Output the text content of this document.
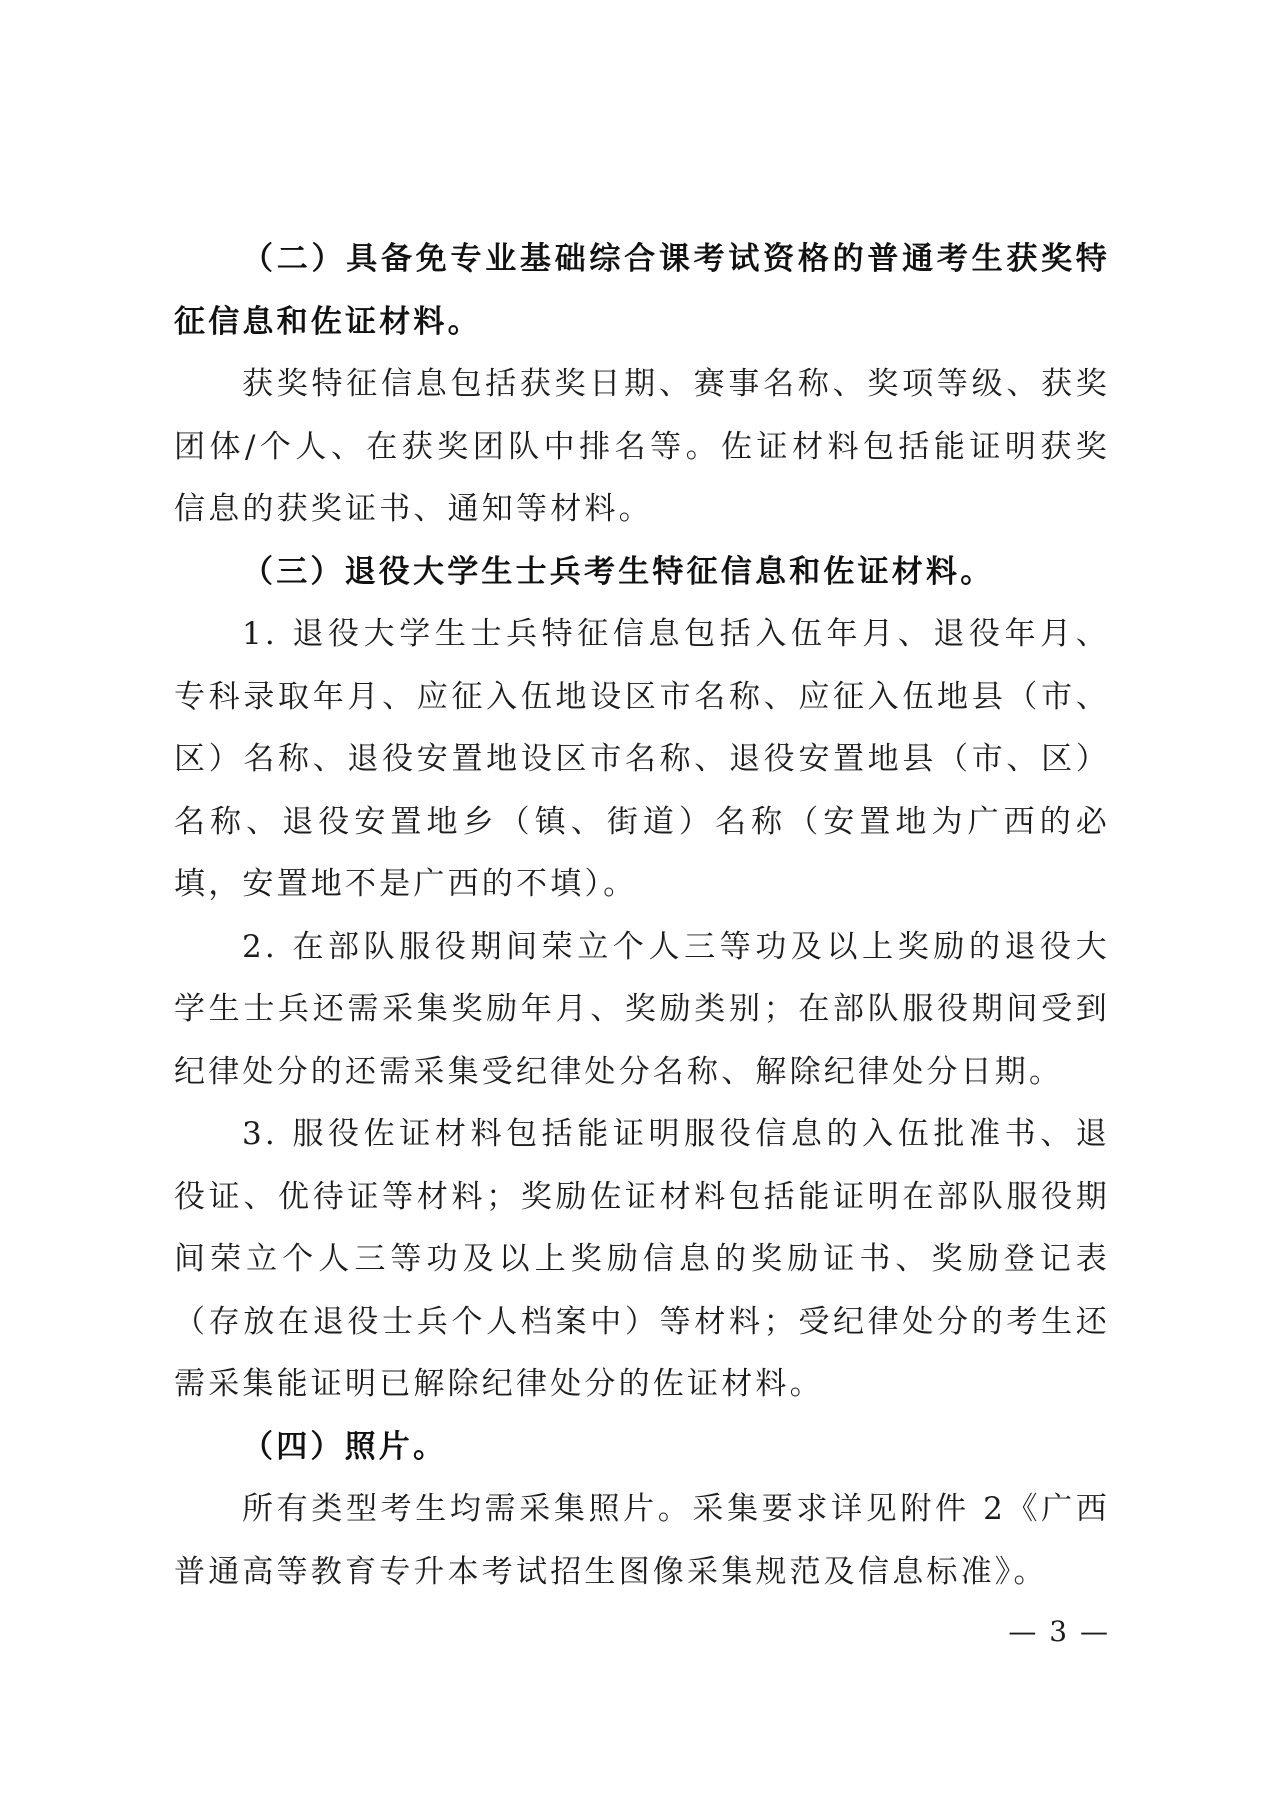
（二）具备免专业基础综合课考试资格的普通考生获奖特征信息和佐证材料。

获奖特征信息包括获奖日期、赛事名称、奖项等级、获奖团体/个人、在获奖团队中排名等。佐证材料包括能证明获奖信息的获奖证书、通知等材料。

（三）退役大学生士兵考生特征信息和佐证材料。

1. 退役大学生士兵特征信息包括入伍年月、退役年月、专科录取年月、应征入伍地设区市名称、应征入伍地县（市、区）名称、退役安置地设区市名称、退役安置地县（市、区）名称、退役安置地乡（镇、街道）名称（安置地为广西的必填，安置地不是广西的不填）。

2. 在部队服役期间荣立个人三等功及以上奖励的退役大学生士兵还需采集奖励年月、奖励类别；在部队服役期间受到纪律处分的还需采集受纪律处分名称、解除纪律处分日期。

3. 服役佐证材料包括能证明服役信息的入伍批准书、退役证、优待证等材料；奖励佐证材料包括能证明在部队服役期间荣立个人三等功及以上奖励信息的奖励证书、奖励登记表（存放在退役士兵个人档案中）等材料；受纪律处分的考生还需采集能证明已解除纪律处分的佐证材料。

（四）照片。

所有类型考生均需采集照片。采集要求详见附件 2《广西普通高等教育专升本考试招生图像采集规范及信息标准》。

— 3 —
